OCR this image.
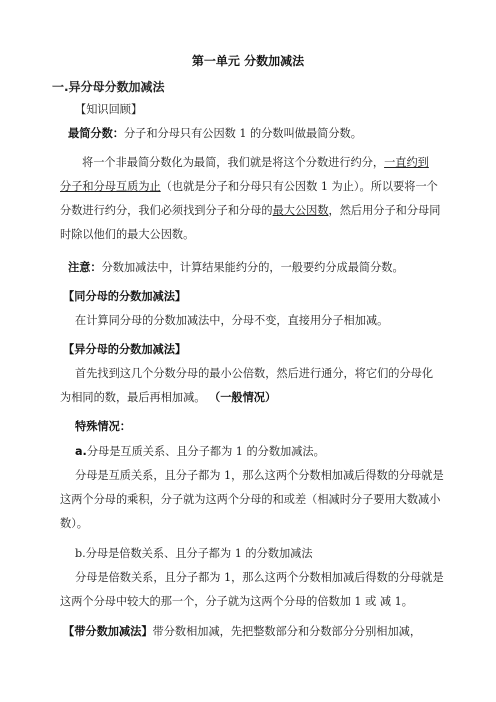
第一单元 分数加减法
一.异分母分数加减法
【知识回顾】
最简分数：分子和分母只有公因数 1 的分数叫做最简分数。
将一个非最简分数化为最简，我们就是将这个分数进行约分，一直约到
分子和分母互质为止（也就是分子和分母只有公因数 1 为止）。所以要将一个
分数进行约分，我们必须找到分子和分母的最大公因数，然后用分子和分母同
时除以他们的最大公因数。
注意：分数加减法中，计算结果能约分的，一般要约分成最简分数。
【同分母的分数加减法】
在计算同分母的分数加减法中，分母不变，直接用分子相加减。
【异分母的分数加减法】
首先找到这几个分数分母的最小公倍数，然后进行通分，将它们的分母化
为相同的数，最后再相加减。 （一般情况）
特殊情况：
a.分母是互质关系、且分子都为 1 的分数加减法。
分母是互质关系，且分子都为 1，那么这两个分数相加减后得数的分母就是
这两个分母的乘积，分子就为这两个分母的和或差（相减时分子要用大数减小
数）。
b.分母是倍数关系、且分子都为 1 的分数加减法
分母是倍数关系，且分子都为 1，那么这两个分数相加减后得数的分母就是
这两个分母中较大的那一个，分子就为这两个分母的倍数加 1 或 减 1。
【带分数加减法】带分数相加减，先把整数部分和分数部分分别相加减，
